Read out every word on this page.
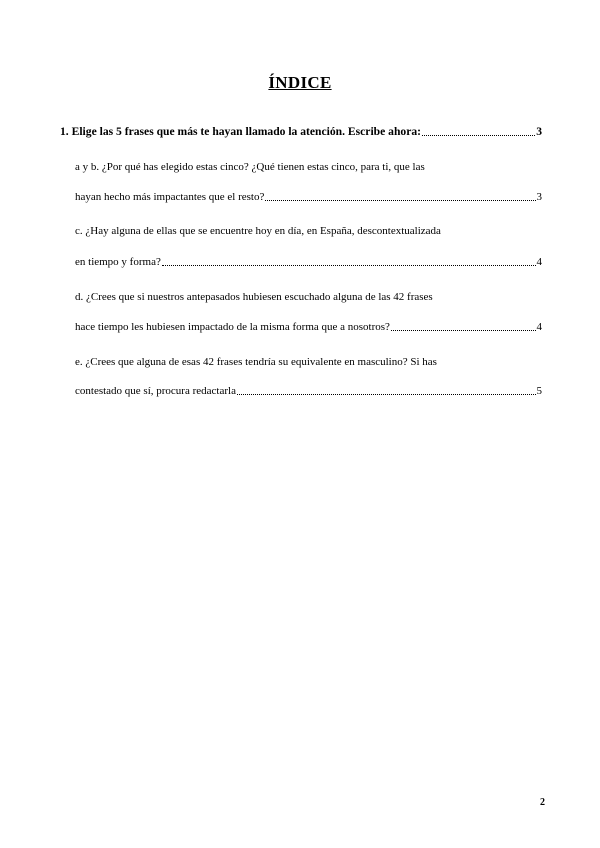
ÍNDICE
1. Elige las 5 frases que más te hayan llamado la atención. Escribe ahora:	3
a y b. ¿Por qué has elegido estas cinco? ¿Qué tienen estas cinco, para ti, que las
hayan hecho más impactantes que el resto?	3
c. ¿Hay alguna de ellas que se encuentre hoy en día, en España, descontextualizada
en tiempo y forma?	4
d. ¿Crees que si nuestros antepasados hubiesen escuchado alguna de las 42 frases
hace tiempo les hubiesen impactado de la misma forma que a nosotros?	4
e. ¿Crees que alguna de esas 42 frases tendría su equivalente en masculino? Si has
contestado que sí, procura redactarla	5
2
